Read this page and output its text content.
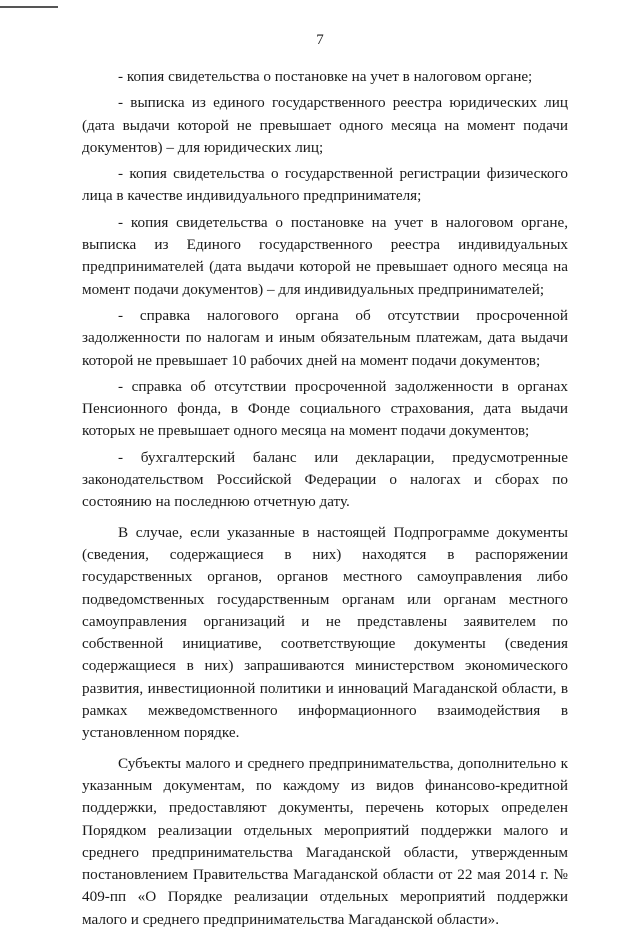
7

- копия свидетельства о постановке на учет в налоговом органе;

- выписка из единого государственного реестра юридических лиц (дата выдачи которой не превышает одного месяца на момент подачи документов) – для юридических лиц;

- копия свидетельства о государственной регистрации физического лица в качестве индивидуального предпринимателя;

- копия свидетельства о постановке на учет в налоговом органе, выписка из Единого государственного реестра индивидуальных предпринимателей (дата выдачи которой не превышает одного месяца на момент подачи документов) – для индивидуальных предпринимателей;

- справка налогового органа об отсутствии просроченной задолженности по налогам и иным обязательным платежам, дата выдачи которой не превышает 10 рабочих дней на момент подачи документов;

- справка об отсутствии просроченной задолженности в органах Пенсионного фонда, в Фонде социального страхования, дата выдачи которых не превышает одного месяца на момент подачи документов;

- бухгалтерский баланс или декларации, предусмотренные законодательством Российской Федерации о налогах и сборах по состоянию на последнюю отчетную дату.

В случае, если указанные в настоящей Подпрограмме документы (сведения, содержащиеся в них) находятся в распоряжении государственных органов, органов местного самоуправления либо подведомственных государственным органам или органам местного самоуправления организаций и не представлены заявителем по собственной инициативе, соответствующие документы (сведения содержащиеся в них) запрашиваются министерством экономического развития, инвестиционной политики и инноваций Магаданской области, в рамках межведомственного информационного взаимодействия в установленном порядке.

Субъекты малого и среднего предпринимательства, дополнительно к указанным документам, по каждому из видов финансово-кредитной поддержки, предоставляют документы, перечень которых определен Порядком реализации отдельных мероприятий поддержки малого и среднего предпринимательства Магаданской области, утвержденным постановлением Правительства Магаданской области от 22 мая 2014 г. № 409-пп «О Порядке реализации отдельных мероприятий поддержки малого и среднего предпринимательства Магаданской области».
